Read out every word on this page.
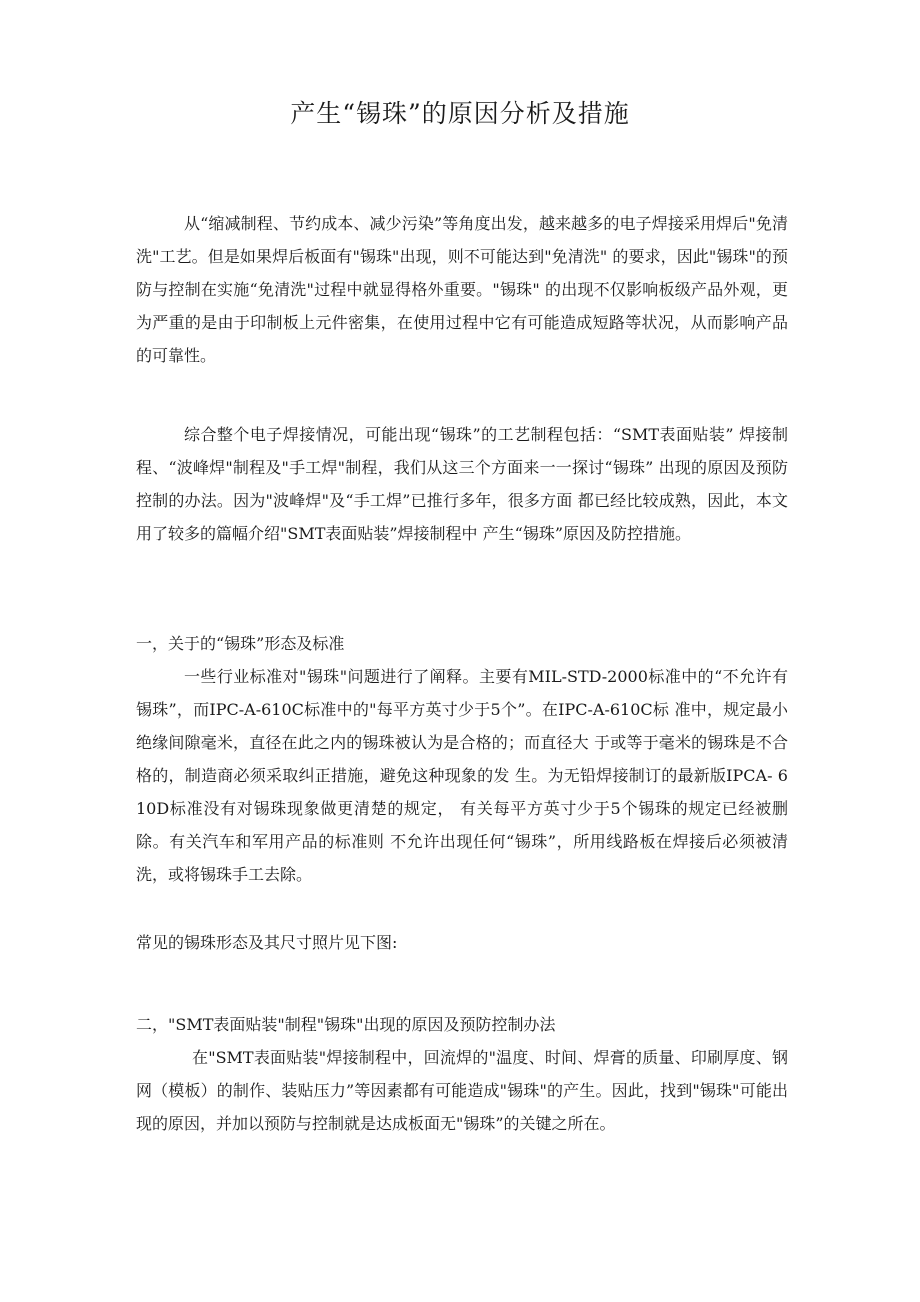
产生“锡珠”的原因分析及措施

从“缩减制程、节约成本、减少污染”等角度出发，越来越多的电子焊接采用焊后"免清洗"工艺。但是如果焊后板面有"锡珠"出现，则不可能达到"免清洗" 的要求，因此"锡珠"的预防与控制在实施“免清洗"过程中就显得格外重要。"锡珠" 的出现不仅影响板级产品外观，更为严重的是由于印制板上元件密集，在使用过程中它有可能造成短路等状况，从而影响产品的可靠性。

综合整个电子焊接情况，可能出现“锡珠”的工艺制程包括：“SMT表面贴装” 焊接制程、“波峰焊"制程及"手工焊"制程，我们从这三个方面来一一探讨“锡珠” 出现的原因及预防控制的办法。因为"波峰焊"及“手工焊”已推行多年，很多方面 都已经比较成熟，因此，本文用了较多的篇幅介绍"SMT表面贴装”焊接制程中 产生“锡珠”原因及防控措施。

一，关于的“锡珠”形态及标准

一些行业标准对"锡珠"问题进行了阐释。主要有MIL-STD-2000标准中的“不允许有锡珠”，而IPC-A-610C标准中的"每平方英寸少于5个”。在IPC-A-610C标 准中，规定最小绝缘间隙毫米，直径在此之内的锡珠被认为是合格的；而直径大 于或等于毫米的锡珠是不合格的，制造商必须采取纠正措施，避免这种现象的发 生。为无铅焊接制订的最新版IPCA- 610D标准没有对锡珠现象做更清楚的规定， 有关每平方英寸少于5个锡珠的规定已经被删除。有关汽车和军用产品的标准则 不允许出现任何“锡珠”，所用线路板在焊接后必须被清洗，或将锡珠手工去除。

常见的锡珠形态及其尺寸照片见下图:

二，"SMT表面贴装"制程"锡珠"出现的原因及预防控制办法

在"SMT表面贴装"焊接制程中，回流焊的"温度、时间、焊膏的质量、印刷厚度、钢网（模板）的制作、装贴压力”等因素都有可能造成"锡珠"的产生。因此，找到"锡珠"可能出现的原因，并加以预防与控制就是达成板面无"锡珠”的关键之所在。
